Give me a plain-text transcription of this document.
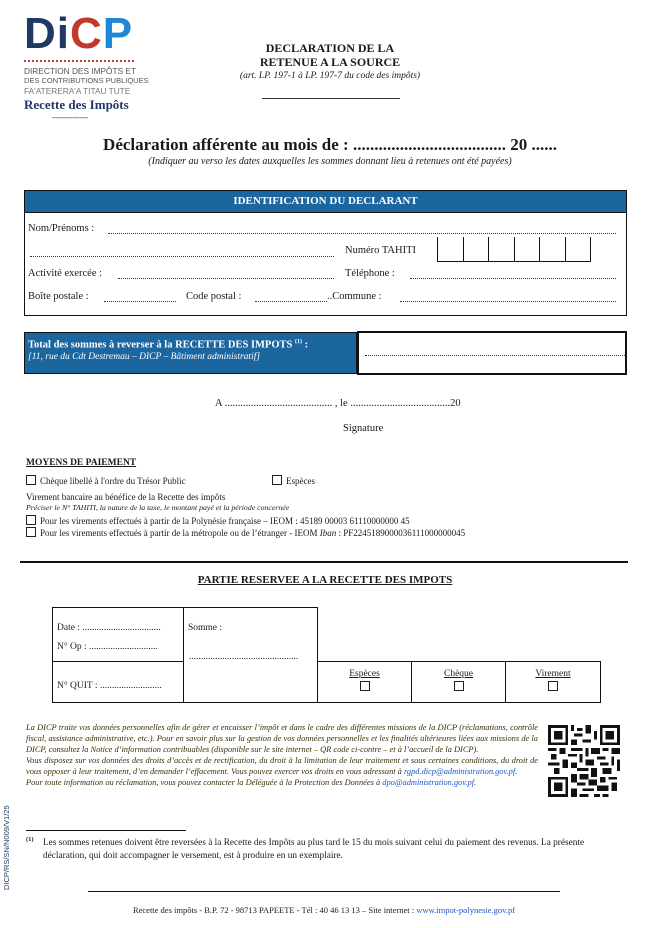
DiCP
DIRECTION DES IMPÔTS ET
DES CONTRIBUTIONS PUBLIQUES
FA'ATERERA'A TITAU TUTE
Recette des Impôts
------------
DECLARATION DE LA
RETENUE A LA SOURCE
(art. LP. 197-1 à LP. 197-7 du code des impôts)
Déclaration afférente au mois de : .................................... 20 ......
(Indiquer au verso les dates auxquelles les sommes donnant lieu à retenues ont été payées)
IDENTIFICATION DU DECLARANT
Nom/Prénoms :
Numéro TAHITI
Activité exercée :	Téléphone :
Boîte postale :	Code postal :	..Commune :
Total des sommes à reverser à la RECETTE DES IMPOTS $^{(1)}$ :
[11, rue du Cdt Destremau – DICP – Bâtiment administratif]
A ......................................... , le ......................................20
Signature
MOYENS DE PAIEMENT
Chèque libellé à l'ordre du Trésor Public	Espèces
Virement bancaire au bénéfice de la Recette des impôts
Préciser le N° TAHITI, la nature de la taxe, le montant payé et la période concernée
Pour les virements effectués à partir de la Polynésie française – IEOM : 45189 00003 61110000000 45
Pour les virements effectués à partir de la métropole ou de l’étranger - IEOM Iban : PF2245189000036111000000045
PARTIE RESERVEE A LA RECETTE DES IMPOTS
Date : .................................
N° Op : .............................
N° QUIT : ..........................
Somme :
..............................................
Espèces	Chèque	Virement
La DICP traite vos données personnelles afin de gérer et encaisser l’impôt et dans le cadre des différentes missions de la DICP (réclamations, contrôle fiscal, assistance administrative, etc.). Pour en savoir plus sur la gestion de vos données personnelles et les finalités ultérieures liées aux missions de la DICP, consultez la Notice d’information contribuables (disponible sur le site internet – QR code ci-contre – et à l’accueil de la DICP).
Vous disposez sur vos données des droits d’accès et de rectification, du droit à la limitation de leur traitement et sous certaines conditions, du droit de vous opposer à leur traitement, d’en demander l’effacement. Vous pouvez exercer vos droits en vous adressant à rgpd.dicp@administration.gov.pf.
Pour toute information ou réclamation, vous pouvez contacter la Déléguée à la Protection des Données à dpo@administration.gov.pf.
DICP/RS/SN/N009/V1/25 (1) Les sommes retenues doivent être reversées à la Recette des Impôts au plus tard le 15 du mois suivant celui du paiement des revenus. La présente déclaration, qui doit accompagner le versement, est à produire en un exemplaire.
Recette des impôts - B.P. 72 - 98713 PAPEETE - Tél : 40 46 13 13 – Site internet : www.impot-polynesie.gov.pf
